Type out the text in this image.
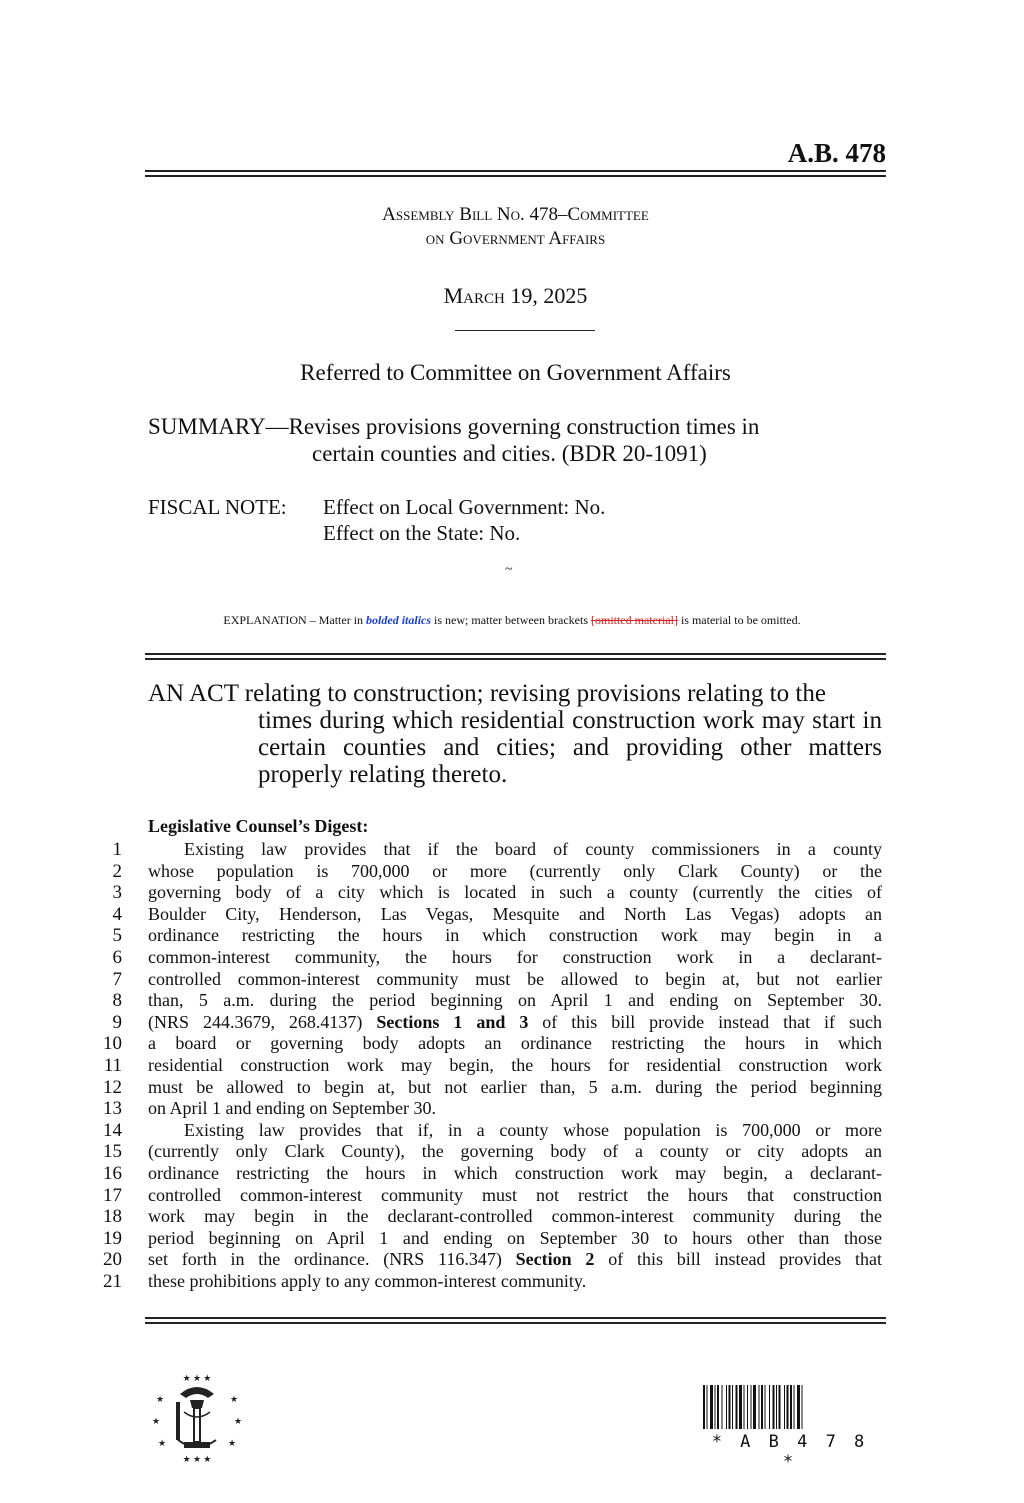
A.B. 478
Assembly Bill No. 478–Committee
on Government Affairs
March 19, 2025
Referred to Committee on Government Affairs
SUMMARY—Revises provisions governing construction times in
certain counties and cities. (BDR 20-1091)
FISCAL NOTE: Effect on Local Government: No.
Effect on the State: No.
~
EXPLANATION – Matter in bolded italics is new; matter between brackets [omitted material] is material to be omitted.
AN ACT relating to construction; revising provisions relating to the
times during which residential construction work may start in certain counties and cities; and providing other matters properly relating thereto.
Legislative Counsel’s Digest:
1	Existing law provides that if the board of county commissioners in a county
2 whose population is 700,000 or more (currently only Clark County) or the
3 governing body of a city which is located in such a county (currently the cities of
4 Boulder City, Henderson, Las Vegas, Mesquite and North Las Vegas) adopts an
5 ordinance restricting the hours in which construction work may begin in a
6 common-interest community, the hours for construction work in a declarant-
7 controlled common-interest community must be allowed to begin at, but not earlier
8 than, 5 a.m. during the period beginning on April 1 and ending on September 30.
9 (NRS 244.3679, 268.4137) Sections 1 and 3 of this bill provide instead that if such
10 a board or governing body adopts an ordinance restricting the hours in which
11 residential construction work may begin, the hours for residential construction work
12 must be allowed to begin at, but not earlier than, 5 a.m. during the period beginning
13 on April 1 and ending on September 30.
14	Existing law provides that if, in a county whose population is 700,000 or more
15 (currently only Clark County), the governing body of a county or city adopts an
16 ordinance restricting the hours in which construction work may begin, a declarant-
17 controlled common-interest community must not restrict the hours that construction
18 work may begin in the declarant-controlled common-interest community during the
19 period beginning on April 1 and ending on September 30 to hours other than those
20 set forth in the ordinance. (NRS 116.347) Section 2 of this bill instead provides that
21 these prohibitions apply to any common-interest community.
★ ★ ★
★	★
★	★
★	★
★ ★ ★
* A B 4 7 8 *
